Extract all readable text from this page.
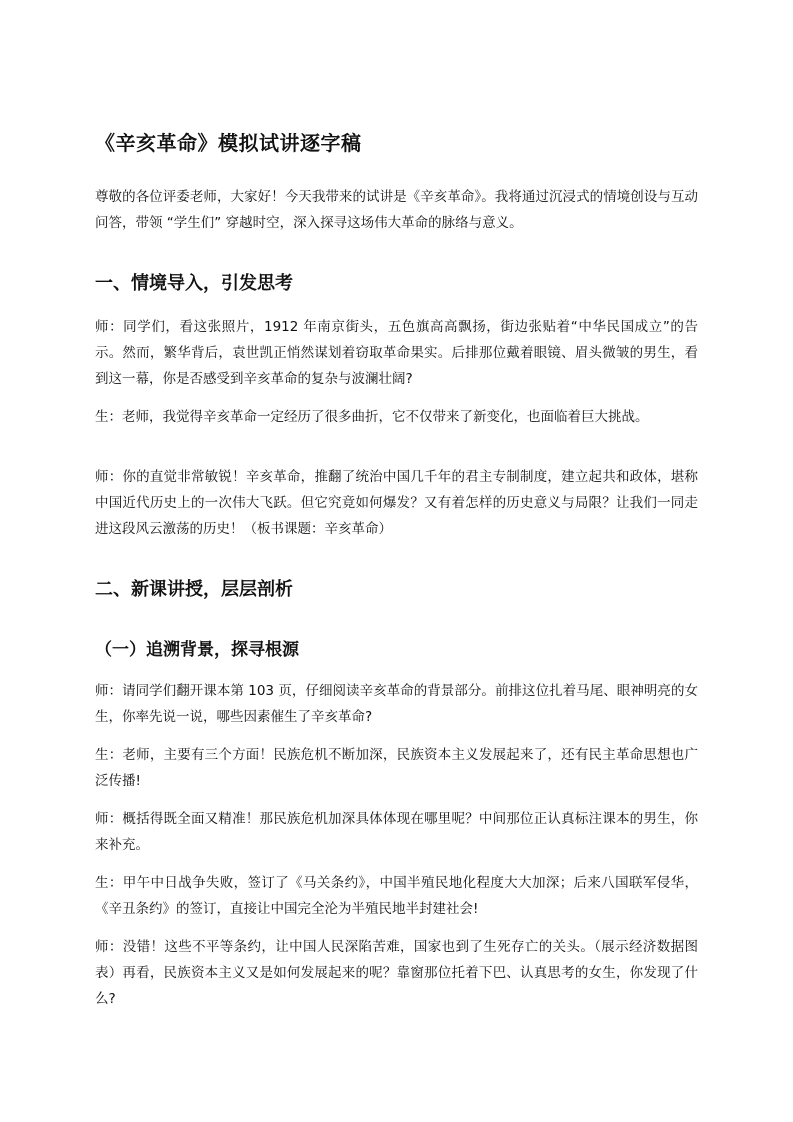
《辛亥革命》模拟试讲逐字稿

尊敬的各位评委老师，大家好！今天我带来的试讲是《辛亥革命》。我将通过沉浸式的情境创设与互动问答，带领 “学生们” 穿越时空，深入探寻这场伟大革命的脉络与意义。

一、情境导入，引发思考

师：同学们，看这张照片，1912 年南京街头，五色旗高高飘扬，街边张贴着“中华民国成立”的告示。然而，繁华背后，袁世凯正悄然谋划着窃取革命果实。后排那位戴着眼镜、眉头微皱的男生，看到这一幕，你是否感受到辛亥革命的复杂与波澜壮阔?

生：老师，我觉得辛亥革命一定经历了很多曲折，它不仅带来了新变化，也面临着巨大挑战。

师：你的直觉非常敏锐！辛亥革命，推翻了统治中国几千年的君主专制制度，建立起共和政体，堪称中国近代历史上的一次伟大飞跃。但它究竟如何爆发？又有着怎样的历史意义与局限？让我们一同走进这段风云激荡的历史！（板书课题：辛亥革命）

二、新课讲授，层层剖析
（一）追溯背景，探寻根源

师：请同学们翻开课本第 103 页，仔细阅读辛亥革命的背景部分。前排这位扎着马尾、眼神明亮的女生，你率先说一说，哪些因素催生了辛亥革命?

生：老师，主要有三个方面！民族危机不断加深，民族资本主义发展起来了，还有民主革命思想也广泛传播!

师：概括得既全面又精准！那民族危机加深具体体现在哪里呢？中间那位正认真标注课本的男生，你来补充。

生：甲午中日战争失败，签订了《马关条约》，中国半殖民地化程度大大加深；后来八国联军侵华，《辛丑条约》的签订，直接让中国完全沦为半殖民地半封建社会!

师：没错！这些不平等条约，让中国人民深陷苦难，国家也到了生死存亡的关头。（展示经济数据图表）再看，民族资本主义又是如何发展起来的呢？靠窗那位托着下巴、认真思考的女生，你发现了什么?
